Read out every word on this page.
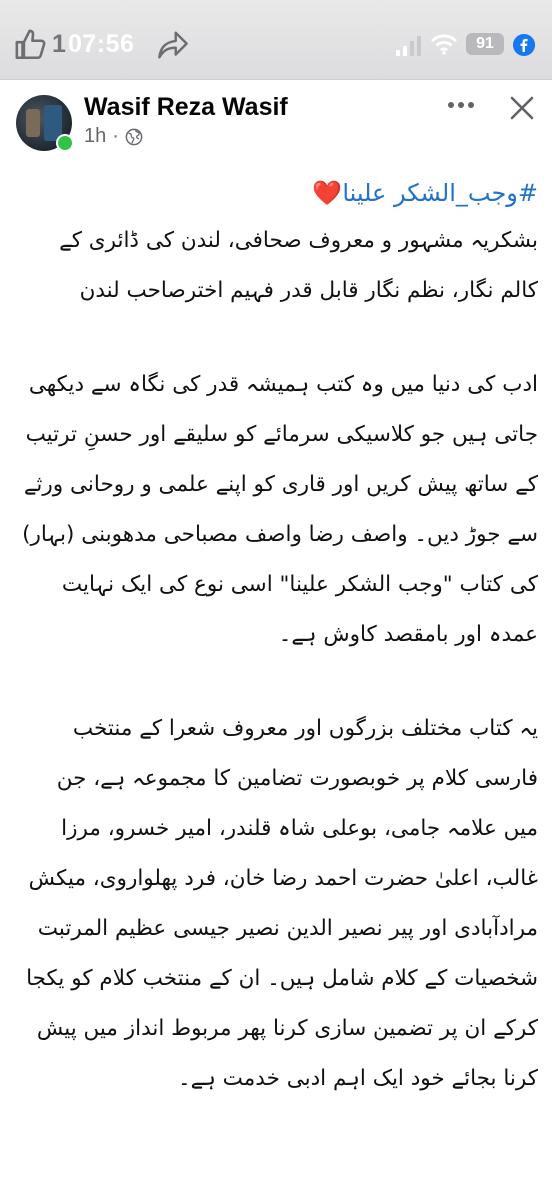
1 07:56	91
Wasif Reza Wasif
1h ·
#وجب_الشکر علینا❤️

بشکریہ مشہور و معروف صحافی، لندن کی ڈائری کے کالم نگار، نظم نگار قابل قدر فہیم اخترصاحب لندن

ادب کی دنیا میں وہ کتب ہمیشہ قدر کی نگاہ سے دیکھی جاتی ہیں جو کلاسیکی سرمائے کو سلیقے اور حسنِ ترتیب کے ساتھ پیش کریں اور قاری کو اپنے علمی و روحانی ورثے سے جوڑ دیں۔ واصف رضا واصف مصباحی مدھوبنی (بہار) کی کتاب "وجب الشکر علینا" اسی نوع کی ایک نہایت عمدہ اور بامقصد کاوش ہے۔

یہ کتاب مختلف بزرگوں اور معروف شعرا کے منتخب فارسی کلام پر خوبصورت تضامین کا مجموعہ ہے، جن میں علامہ جامی، بوعلی شاہ قلندر، امیر خسرو، مرزا غالب، اعلیٰ حضرت احمد رضا خان، فرد پھلواروی، میکش مرادآبادی اور پیر نصیر الدین نصیر جیسی عظیم المرتبت شخصیات کے کلام شامل ہیں۔ ان کے منتخب کلام کو یکجا کرکے ان پر تضمین سازی کرنا پھر مربوط انداز میں پیش کرنا بجائے خود ایک اہم ادبی خدمت ہے۔
